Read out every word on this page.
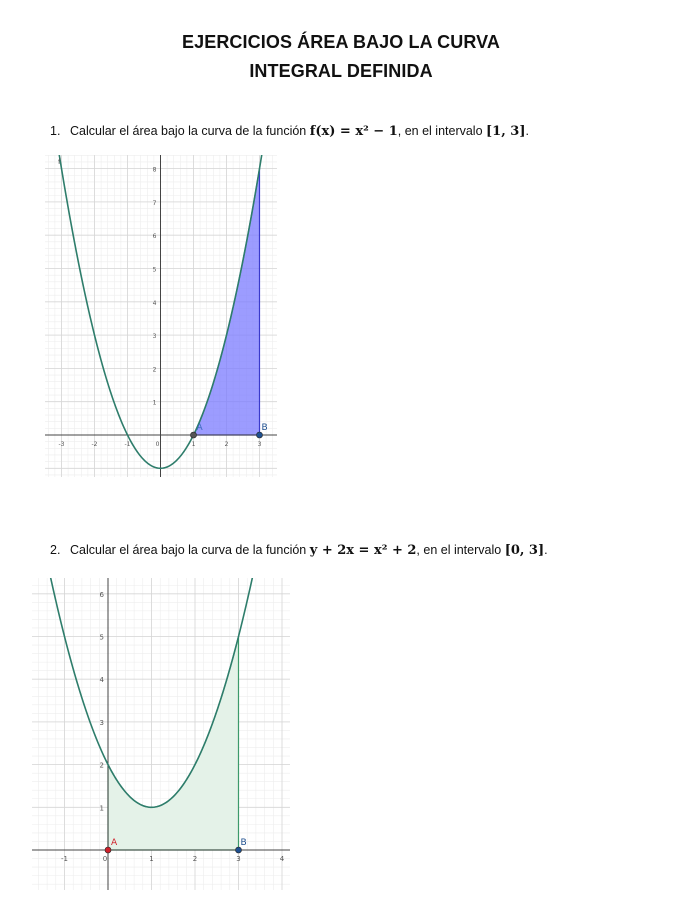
EJERCICIOS ÁREA BAJO LA CURVA
INTEGRAL DEFINIDA
1. Calcular el área bajo la curva de la función f(x) = x² − 1, en el intervalo [1, 3].
-3	-2	-1	0	1	2	3
1
2
3
4
5
6
7
8
A	B
f
2. Calcular el área bajo la curva de la función y + 2x = x² + 2, en el intervalo [0, 3].
-1	0	1	2	3	4
1
2
3
4
5
6
A	B
